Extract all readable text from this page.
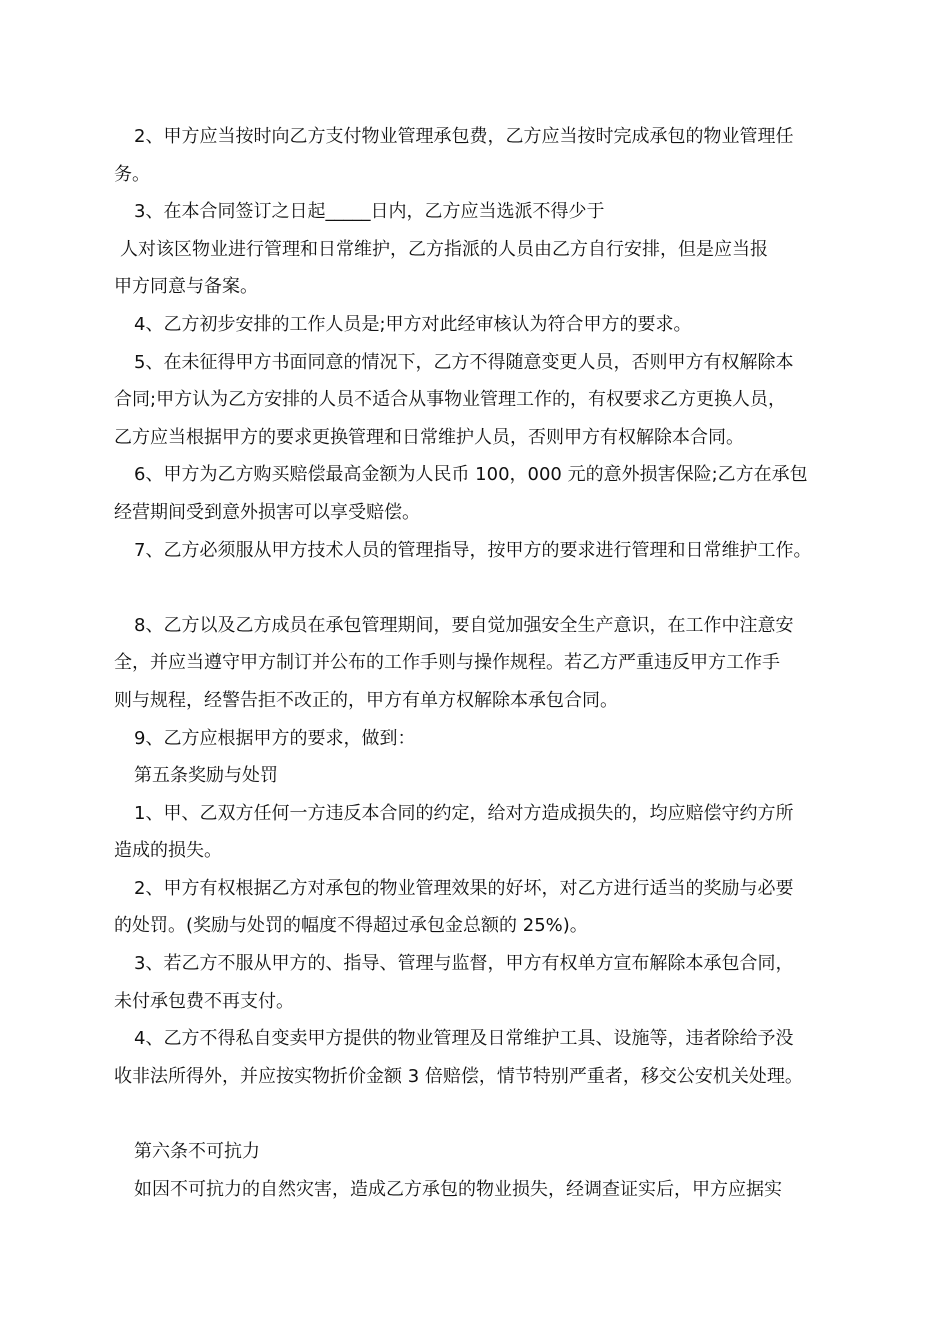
2、甲方应当按时向乙方支付物业管理承包费，乙方应当按时完成承包的物业管理任
务。
3、在本合同签订之日起_____日内，乙方应当选派不得少于
人对该区物业进行管理和日常维护，乙方指派的人员由乙方自行安排，但是应当报
甲方同意与备案。
4、乙方初步安排的工作人员是;甲方对此经审核认为符合甲方的要求。
5、在未征得甲方书面同意的情况下，乙方不得随意变更人员，否则甲方有权解除本
合同;甲方认为乙方安排的人员不适合从事物业管理工作的，有权要求乙方更换人员，
乙方应当根据甲方的要求更换管理和日常维护人员，否则甲方有权解除本合同。
6、甲方为乙方购买赔偿最高金额为人民币 100，000 元的意外损害保险;乙方在承包
经营期间受到意外损害可以享受赔偿。
7、乙方必须服从甲方技术人员的管理指导，按甲方的要求进行管理和日常维护工作。
8、乙方以及乙方成员在承包管理期间，要自觉加强安全生产意识，在工作中注意安
全，并应当遵守甲方制订并公布的工作手则与操作规程。若乙方严重违反甲方工作手
则与规程，经警告拒不改正的，甲方有单方权解除本承包合同。
9、乙方应根据甲方的要求，做到：
第五条奖励与处罚
1、甲、乙双方任何一方违反本合同的约定，给对方造成损失的，均应赔偿守约方所
造成的损失。
2、甲方有权根据乙方对承包的物业管理效果的好坏，对乙方进行适当的奖励与必要
的处罚。(奖励与处罚的幅度不得超过承包金总额的 25%)。
3、若乙方不服从甲方的、指导、管理与监督，甲方有权单方宣布解除本承包合同，
未付承包费不再支付。
4、乙方不得私自变卖甲方提供的物业管理及日常维护工具、设施等，违者除给予没
收非法所得外，并应按实物折价金额 3 倍赔偿，情节特别严重者，移交公安机关处理。
第六条不可抗力
如因不可抗力的自然灾害，造成乙方承包的物业损失，经调查证实后，甲方应据实
